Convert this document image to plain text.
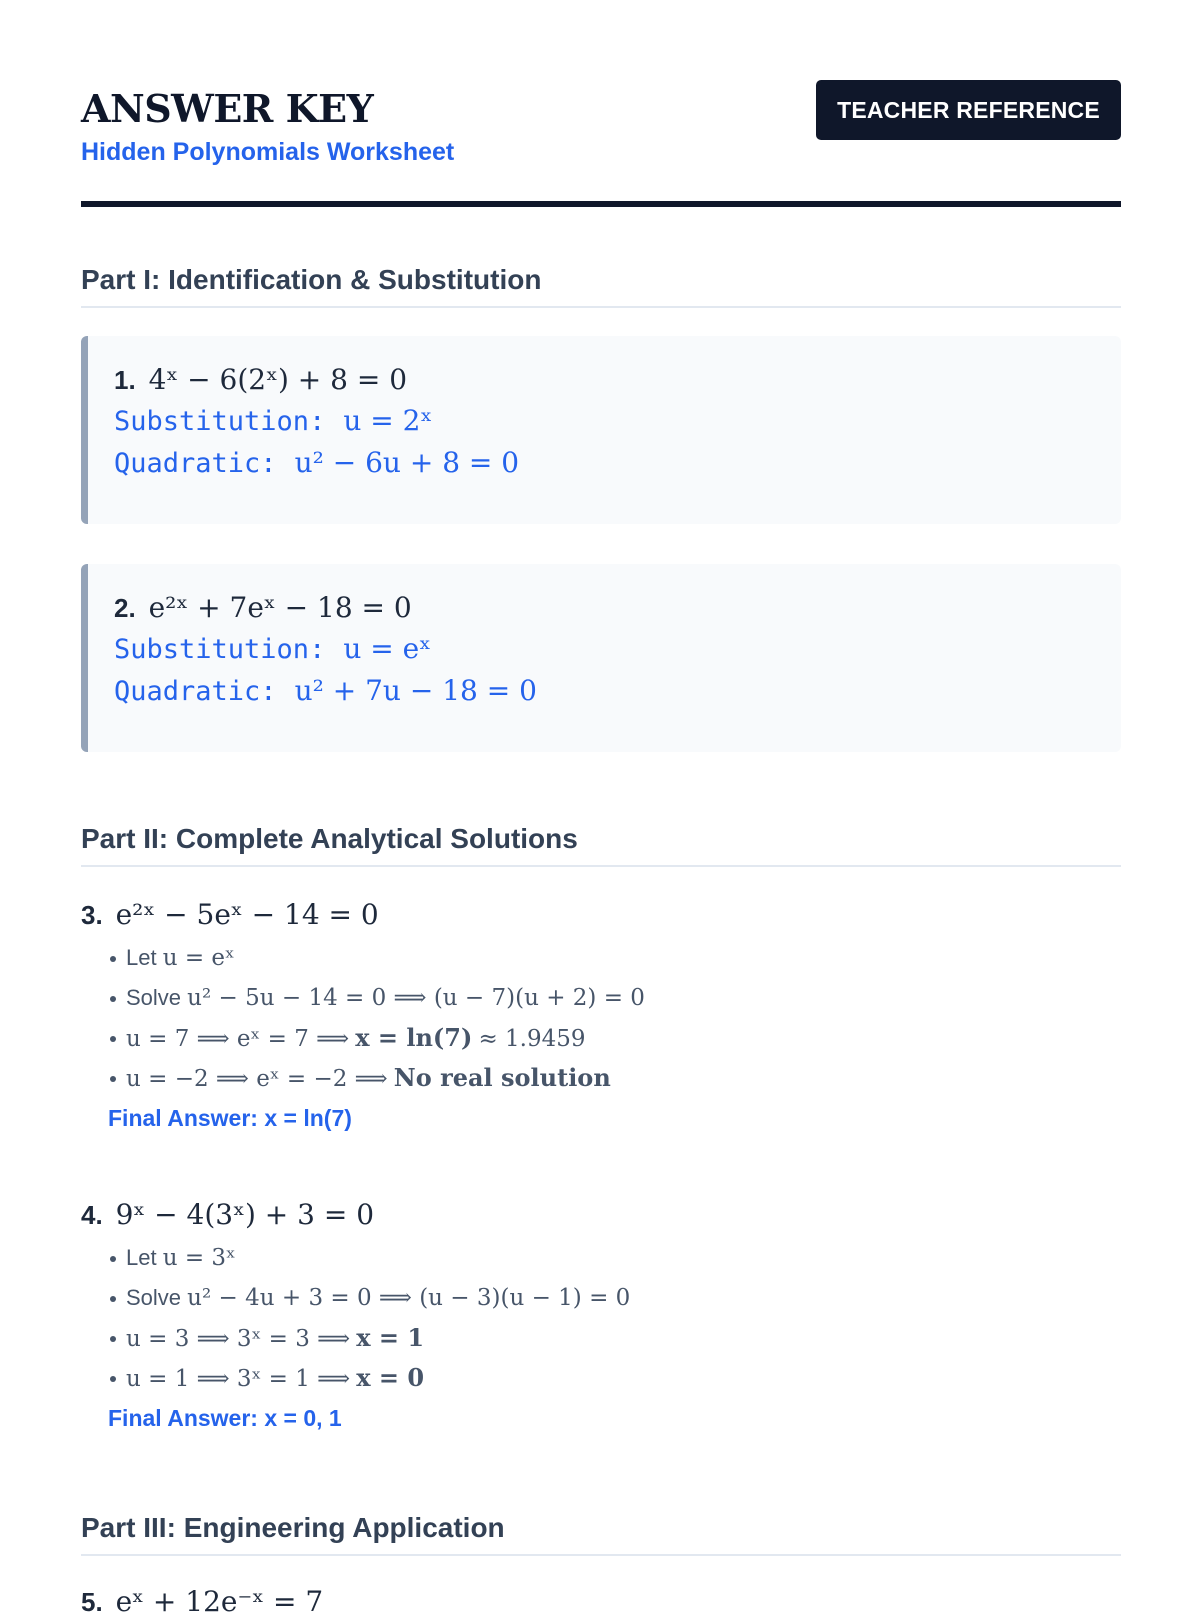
ANSWER KEY
Hidden Polynomials Worksheet
TEACHER REFERENCE
Part I: Identification & Substitution
1. 4ˣ − 6(2ˣ) + 8 = 0
Substitution: u = 2ˣ
Quadratic: u² − 6u + 8 = 0
2. e²ˣ + 7eˣ − 18 = 0
Substitution: u = eˣ
Quadratic: u² + 7u − 18 = 0
Part II: Complete Analytical Solutions
3. e²ˣ − 5eˣ − 14 = 0
Let u = eˣ
Solve u² − 5u − 14 = 0 ⟹ (u − 7)(u + 2) = 0
u = 7 ⟹ eˣ = 7 ⟹ x = ln(7) ≈ 1.9459
u = −2 ⟹ eˣ = −2 ⟹ No real solution
Final Answer: x = ln(7)
4. 9ˣ − 4(3ˣ) + 3 = 0
Let u = 3ˣ
Solve u² − 4u + 3 = 0 ⟹ (u − 3)(u − 1) = 0
u = 3 ⟹ 3ˣ = 3 ⟹ x = 1
u = 1 ⟹ 3ˣ = 1 ⟹ x = 0
Final Answer: x = 0, 1
Part III: Engineering Application
5. eˣ + 12e⁻ˣ = 7
